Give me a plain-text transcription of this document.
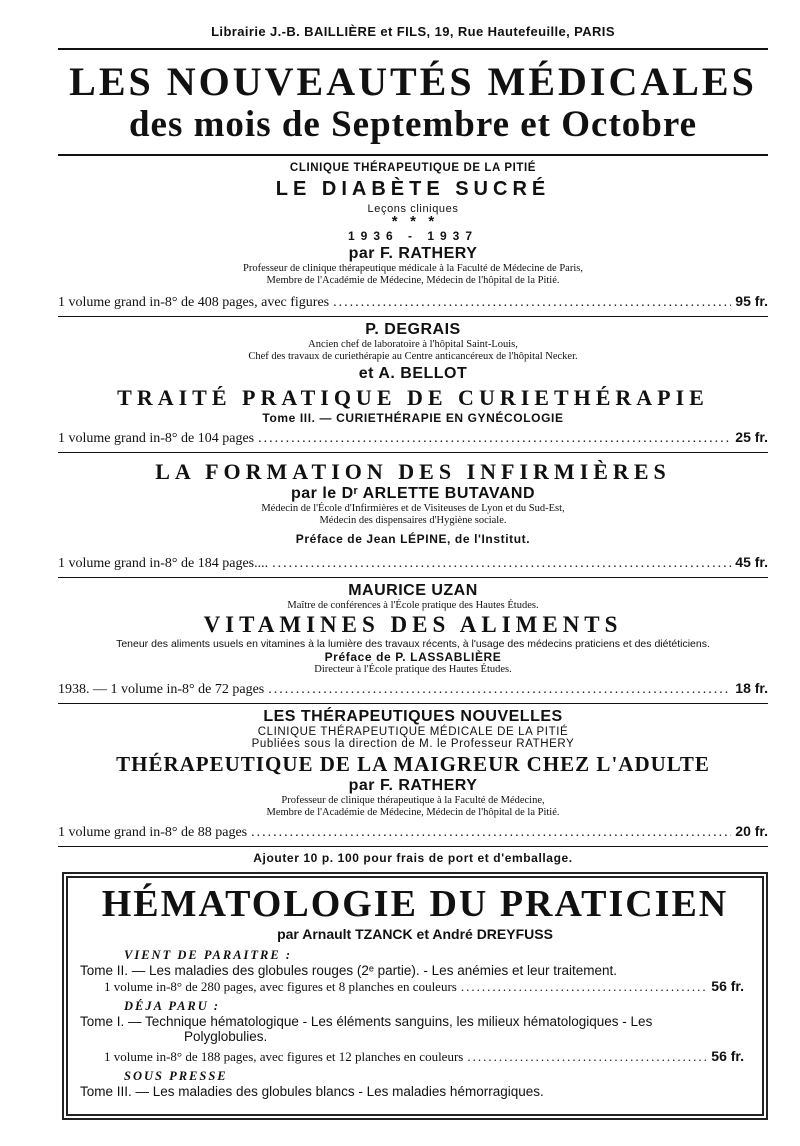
Librairie J.-B. BAILLIÈRE et FILS, 19, Rue Hautefeuille, PARIS
LES NOUVEAUTÉS MÉDICALES
des mois de Septembre et Octobre
CLINIQUE THÉRAPEUTIQUE DE LA PITIÉ
LE DIABÈTE SUCRÉ
Leçons cliniques
*   *   *
1936 - 1937
par F. RATHERY
Professeur de clinique thérapeutique médicale à la Faculté de Médecine de Paris,
Membre de l'Académie de Médecine, Médecin de l'hôpital de la Pitié.
1 volume grand in-8° de 408 pages, avec figures .....	95 fr.
P. DEGRAIS
Ancien chef de laboratoire à l'hôpital Saint-Louis,
Chef des travaux de curiethérapie au Centre anticancéreux de l'hôpital Necker.
et A. BELLOT
TRAITÉ PRATIQUE DE CURIETHÉRAPIE
Tome III. — CURIETHÉRAPIE EN GYNÉCOLOGIE
1 volume grand in-8° de 104 pages .....	25 fr.
LA FORMATION DES INFIRMIÈRES
par le Dʳ ARLETTE BUTAVAND
Médecin de l'École d'Infirmières et de Visiteuses de Lyon et du Sud-Est,
Médecin des dispensaires d'Hygiène sociale.
Préface de Jean LÉPINE, de l'Institut.
1 volume grand in-8° de 184 pages.... .....	45 fr.
MAURICE UZAN
Maître de conférences à l'École pratique des Hautes Études.
VITAMINES DES ALIMENTS
Teneur des aliments usuels en vitamines à la lumière des travaux récents, à l'usage des médecins praticiens et des diététiciens.
Préface de P. LASSABLIÈRE
Directeur à l'École pratique des Hautes Études.
1938. — 1 volume in-8° de 72 pages .....	18 fr.
LES THÉRAPEUTIQUES NOUVELLES
CLINIQUE THÉRAPEUTIQUE MÉDICALE DE LA PITIÉ
Publiées sous la direction de M. le Professeur RATHERY
THÉRAPEUTIQUE DE LA MAIGREUR CHEZ L'ADULTE
par F. RATHERY
Professeur de clinique thérapeutique à la Faculté de Médecine,
Membre de l'Académie de Médecine, Médecin de l'hôpital de la Pitié.
1 volume grand in-8° de 88 pages .....	20 fr.
Ajouter 10 p. 100 pour frais de port et d'emballage.
HÉMATOLOGIE DU PRATICIEN
par Arnault TZANCK et André DREYFUSS
VIENT DE PARAITRE :
Tome II. — Les maladies des globules rouges (2ᵉ partie). - Les anémies et leur traitement.
1 volume in-8° de 280 pages, avec figures et 8 planches en couleurs .....	56 fr.
DÉJA PARU :
Tome I. — Technique hématologique - Les éléments sanguins, les milieux hématologiques - Les
Polyglobulies.
1 volume in-8° de 188 pages, avec figures et 12 planches en couleurs .....	56 fr.
SOUS PRESSE
Tome III. — Les maladies des globules blancs - Les maladies hémorragiques.
